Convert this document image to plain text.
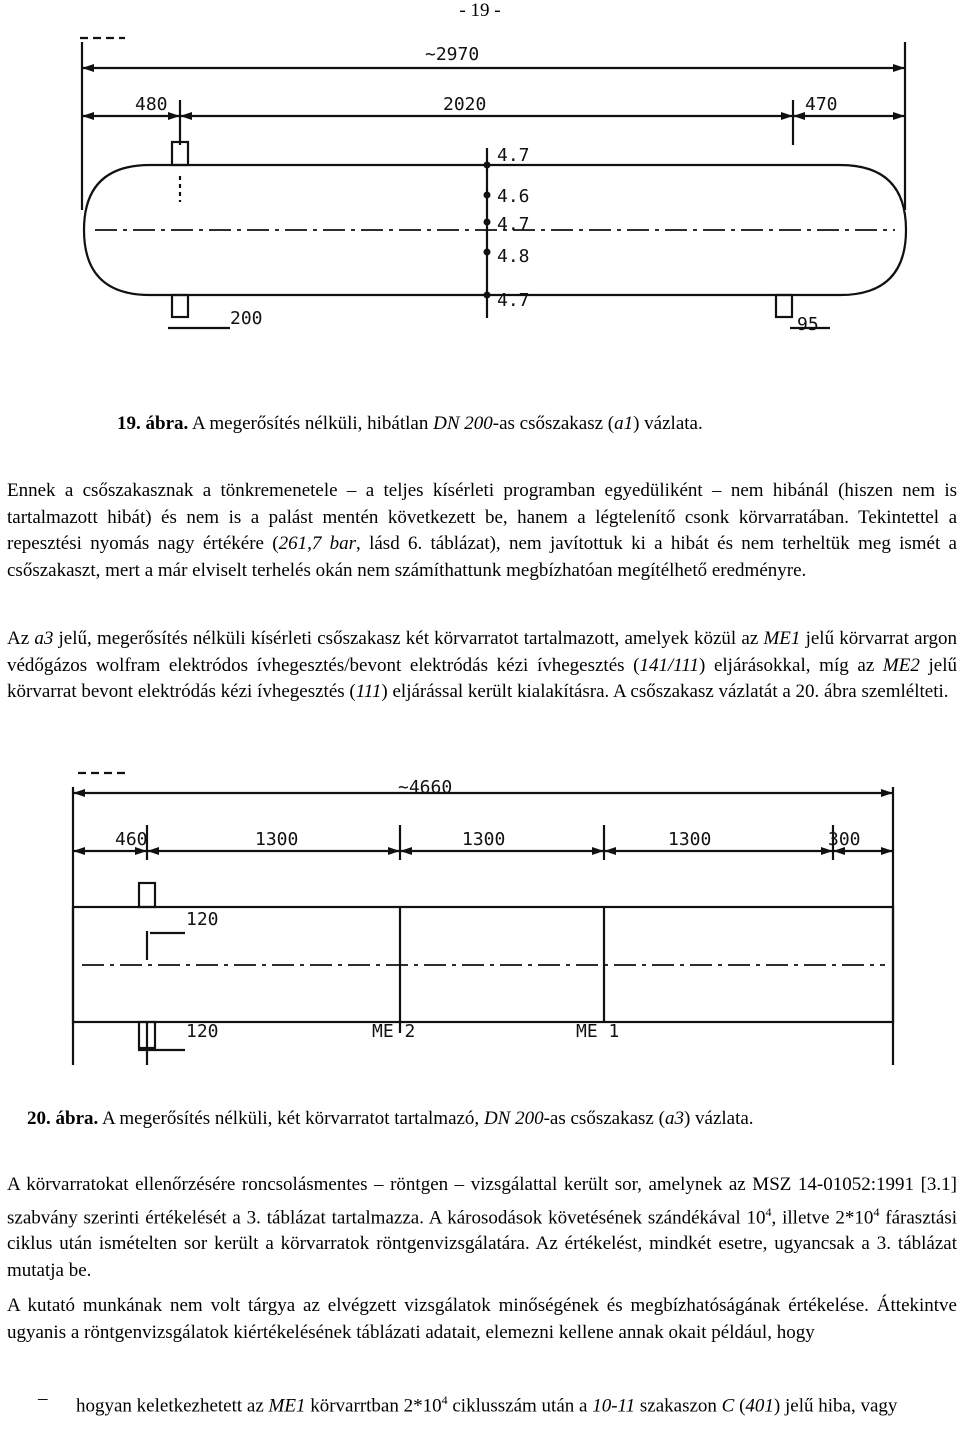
- 19 -
~2970
480	2020	470
4.7
4.6
4.7
4.8
4.7
200	95
19. ábra. A megerősítés nélküli, hibátlan DN 200-as csőszakasz (a1) vázlata.
Ennek a csőszakasznak a tönkremenetele – a teljes kísérleti programban egyedüliként – nem hibánál (hiszen nem is tartalmazott hibát) és nem is a palást mentén következett be, hanem a légtelenítő csonk körvarratában. Tekintettel a repesztési nyomás nagy értékére (261,7 bar, lásd 6. táblázat), nem javítottuk ki a hibát és nem terheltük meg ismét a csőszakaszt, mert a már elviselt terhelés okán nem számíthattunk megbízhatóan megítélhető eredményre.
Az a3 jelű, megerősítés nélküli kísérleti csőszakasz két körvarratot tartalmazott, amelyek közül az ME1 jelű körvarrat argon védőgázos wolfram elektródos ívhegesztés/bevont elektródás kézi ívhegesztés (141/111) eljárásokkal, míg az ME2 jelű körvarrat bevont elektródás kézi ívhegesztés (111) eljárással került kialakításra. A csőszakasz vázlatát a 20. ábra szemlélteti.
~4660
460	1300	1300	1300	300
120
120	ME 2	ME 1
20. ábra. A megerősítés nélküli, két körvarratot tartalmazó, DN 200-as csőszakasz (a3) vázlata.
A körvarratokat ellenőrzésére roncsolásmentes – röntgen – vizsgálattal került sor, amelynek az MSZ 14-01052:1991 [3.1] szabvány szerinti értékelését a 3. táblázat tartalmazza. A károsodások követésének szándékával $10^4$, illetve $2*10^4$ fárasztási ciklus után ismételten sor került a körvarratok röntgenvizsgálatára. Az értékelést, mindkét esetre, ugyancsak a 3. táblázat mutatja be.
A kutató munkának nem volt tárgya az elvégzett vizsgálatok minőségének és megbízhatóságának értékelése. Áttekintve ugyanis a röntgenvizsgálatok kiértékelésének táblázati adatait, elemezni kellene annak okait például, hogy
– hogyan keletkezhetett az ME1 körvarrtban $2*10^4$ ciklusszám után a 10-11 szakaszon C (401) jelű hiba, vagy
